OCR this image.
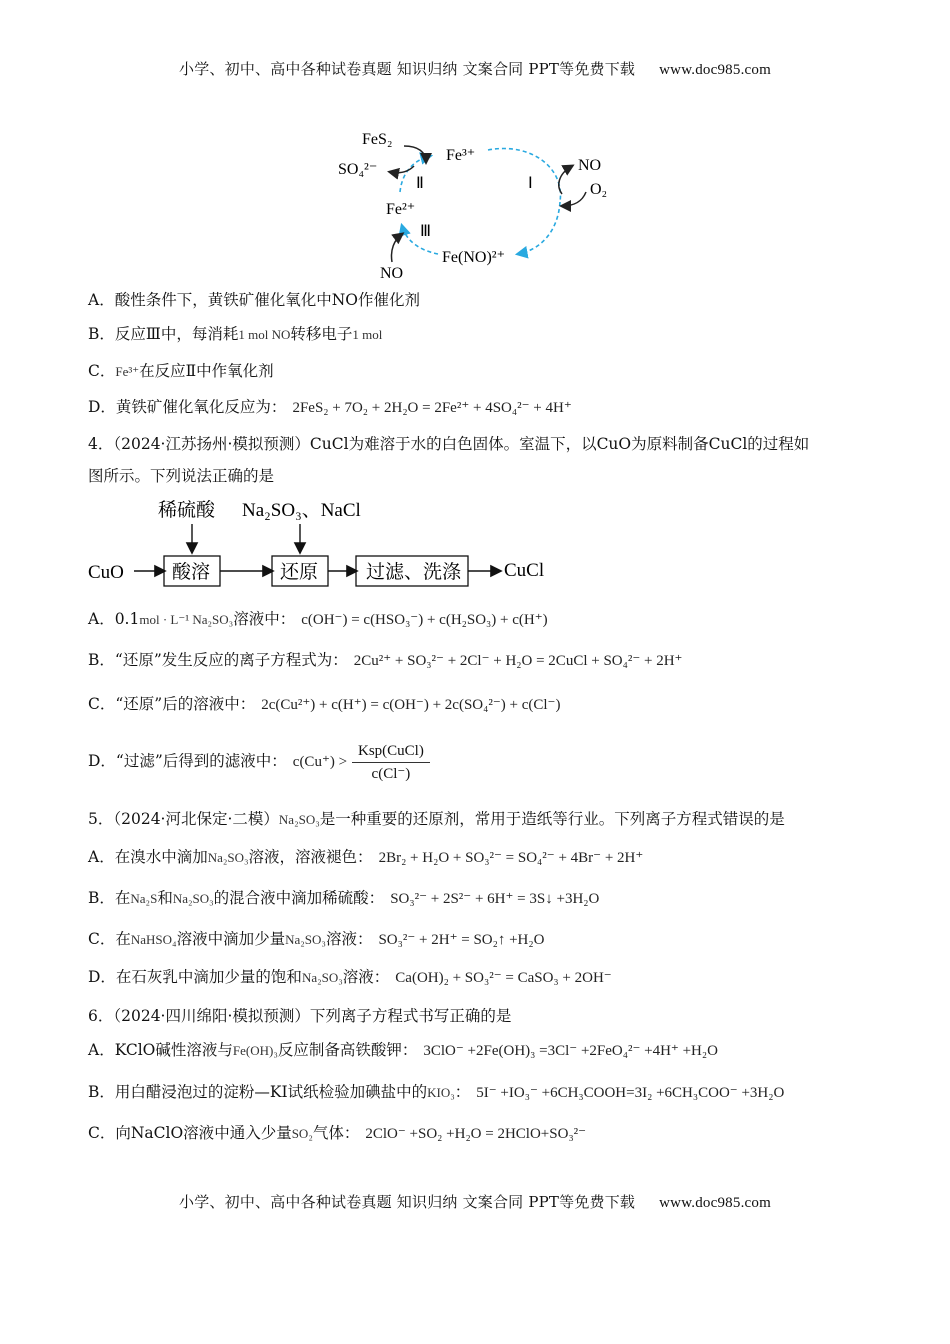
小学、初中、高中各种试卷真题 知识归纳 文案合同 PPT等免费下载 www.doc985.com
FeS₂
SO₄²⁻
Fe³⁺
Ⅱ	Ⅰ
NO
O₂
Fe²⁺
Ⅲ
Fe(NO)²⁺
NO
A．酸性条件下，黄铁矿催化氧化中NO作催化剂
B．反应Ⅲ中，每消耗1 mol NO转移电子1 mol
C．Fe³⁺在反应Ⅱ中作氧化剂
D．黄铁矿催化氧化反应为： 2FeS₂ + 7O₂ + 2H₂O = 2Fe²⁺ + 4SO₄²⁻ + 4H⁺
4．（2024·江苏扬州·模拟预测）CuCl为难溶于水的白色固体。室温下，以CuO为原料制备CuCl的过程如
图所示。下列说法正确的是
稀硫酸 Na₂SO₃、NaCl
CuO	酸溶	还原	过滤、洗涤 CuCl
A．0.1mol · L⁻¹ Na₂SO₃溶液中： c(OH⁻) = c(HSO₃⁻) + c(H₂SO₃) + c(H⁺)
B．“还原”发生反应的离子方程式为： 2Cu²⁺ + SO₃²⁻ + 2Cl⁻ + H₂O = 2CuCl + SO₄²⁻ + 2H⁺
C．“还原”后的溶液中： 2c(Cu²⁺) + c(H⁺) = c(OH⁻) + 2c(SO₄²⁻) + c(Cl⁻)
D．“过滤”后得到的滤液中： $c(Cu^+) > \frac{\text{Ksp(CuCl)}}{c(Cl^-)}$
5．（2024·河北保定·二模）Na₂SO₃是一种重要的还原剂，常用于造纸等行业。下列离子方程式错误的是
A．在溴水中滴加Na₂SO₃溶液，溶液褪色： 2Br₂ + H₂O + SO₃²⁻ = SO₄²⁻ + 4Br⁻ + 2H⁺
B．在Na₂S和Na₂SO₃的混合液中滴加稀硫酸： SO₃²⁻ + 2S²⁻ + 6H⁺ = 3S↓ +3H₂O
C．在NaHSO₄溶液中滴加少量Na₂SO₃溶液： SO₃²⁻ + 2H⁺ = SO₂↑ +H₂O
D．在石灰乳中滴加少量的饱和Na₂SO₃溶液： Ca(OH)₂ + SO₃²⁻ = CaSO₃ + 2OH⁻
6．（2024·四川绵阳·模拟预测）下列离子方程式书写正确的是
A．KClO碱性溶液与Fe(OH)₃反应制备高铁酸钾： 3ClO⁻ +2Fe(OH)₃ =3Cl⁻ +2FeO₄²⁻ +4H⁺ +H₂O
B．用白醋浸泡过的淀粉—KI试纸检验加碘盐中的KIO₃： 5I⁻ +IO₃⁻ +6CH₃COOH=3I₂ +6CH₃COO⁻ +3H₂O
C．向NaClO溶液中通入少量SO₂气体： 2ClO⁻ +SO₂ +H₂O = 2HClO+SO₃²⁻
小学、初中、高中各种试卷真题 知识归纳 文案合同 PPT等免费下载 www.doc985.com
